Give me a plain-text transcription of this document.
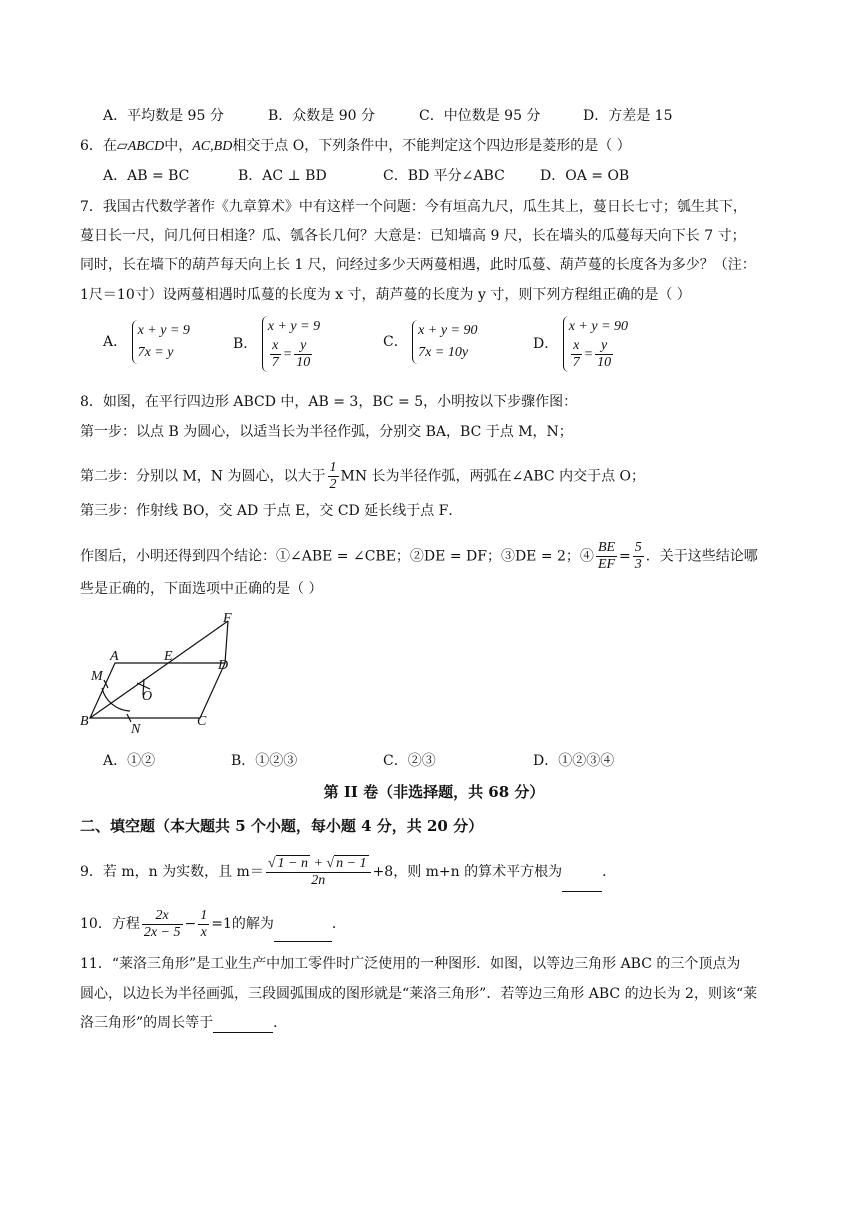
A．平均数是 95 分	B．众数是 90 分	C．中位数是 95 分	D．方差是 15
6．在▱ABCD中，AC,BD相交于点 O，下列条件中，不能判定这个四边形是菱形的是（ ）
A．AB = BC	B．AC ⊥ BD	C．BD 平分∠ABC	D．OA = OB
7．我国古代数学著作《九章算术》中有这样一个问题：今有垣高九尺，瓜生其上，蔓日长七寸；瓠生其下，
蔓日长一尺，问几何日相逢？瓜、瓠各长几何？大意是：已知墙高 9 尺，长在墙头的瓜蔓每天向下长 7 寸；
同时，长在墙下的葫芦每天向上长 1 尺，问经过多少天两蔓相遇，此时瓜蔓、葫芦蔓的长度各为多少？（注：
1尺＝10寸）设两蔓相遇时瓜蔓的长度为 x 寸，葫芦蔓的长度为 y 寸，则下列方程组正确的是（ ）
A．
x + y = 9
7x = y
B．
x + y = 9
$\frac{x}{7} = \frac{y}{10}$	C．
x + y = 90
7x = 10y
D．
x + y = 90
$\frac{x}{7} = \frac{y}{10}$
8．如图，在平行四边形 ABCD 中，AB = 3，BC = 5，小明按以下步骤作图：
第一步：以点 B 为圆心，以适当长为半径作弧，分别交 BA，BC 于点 M，N；
第二步：分别以 M，N 为圆心，以大于 $\frac{1}{2}$ MN 长为半径作弧，两弧在∠ABC 内交于点 O；
第三步：作射线 BO，交 AD 于点 E，交 CD 延长线于点 F．
作图后，小明还得到四个结论：①∠ABE = ∠CBE；②DE = DF；③DE = 2；④ $\frac{BE}{EF} = \frac{5}{3}$ ．关于这些结论哪
些是正确的，下面选项中正确的是（ ）
A	E
D
F
M
O
B
N
C
A．①②	B．①②③	C．②③	D．①②③④
第 II 卷（非选择题，共 68 分）
二、填空题（本大题共 5 个小题，每小题 4 分，共 20 分）
9．若 m，n 为实数，且 $m= \frac{√ 1 - n + √ n - 1}{2n} +8$，则 m+n 的算术平方根为	．
10．方程 $\frac{2x}{2x - 5} - \frac{1}{x} =1$的解为	．
11．“莱洛三角形”是工业生产中加工零件时广泛使用的一种图形．如图，以等边三角形 ABC 的三个顶点为
圆心，以边长为半径画弧，三段圆弧围成的图形就是“莱洛三角形”．若等边三角形 ABC 的边长为 2，则该“莱
洛三角形”的周长等于	．
